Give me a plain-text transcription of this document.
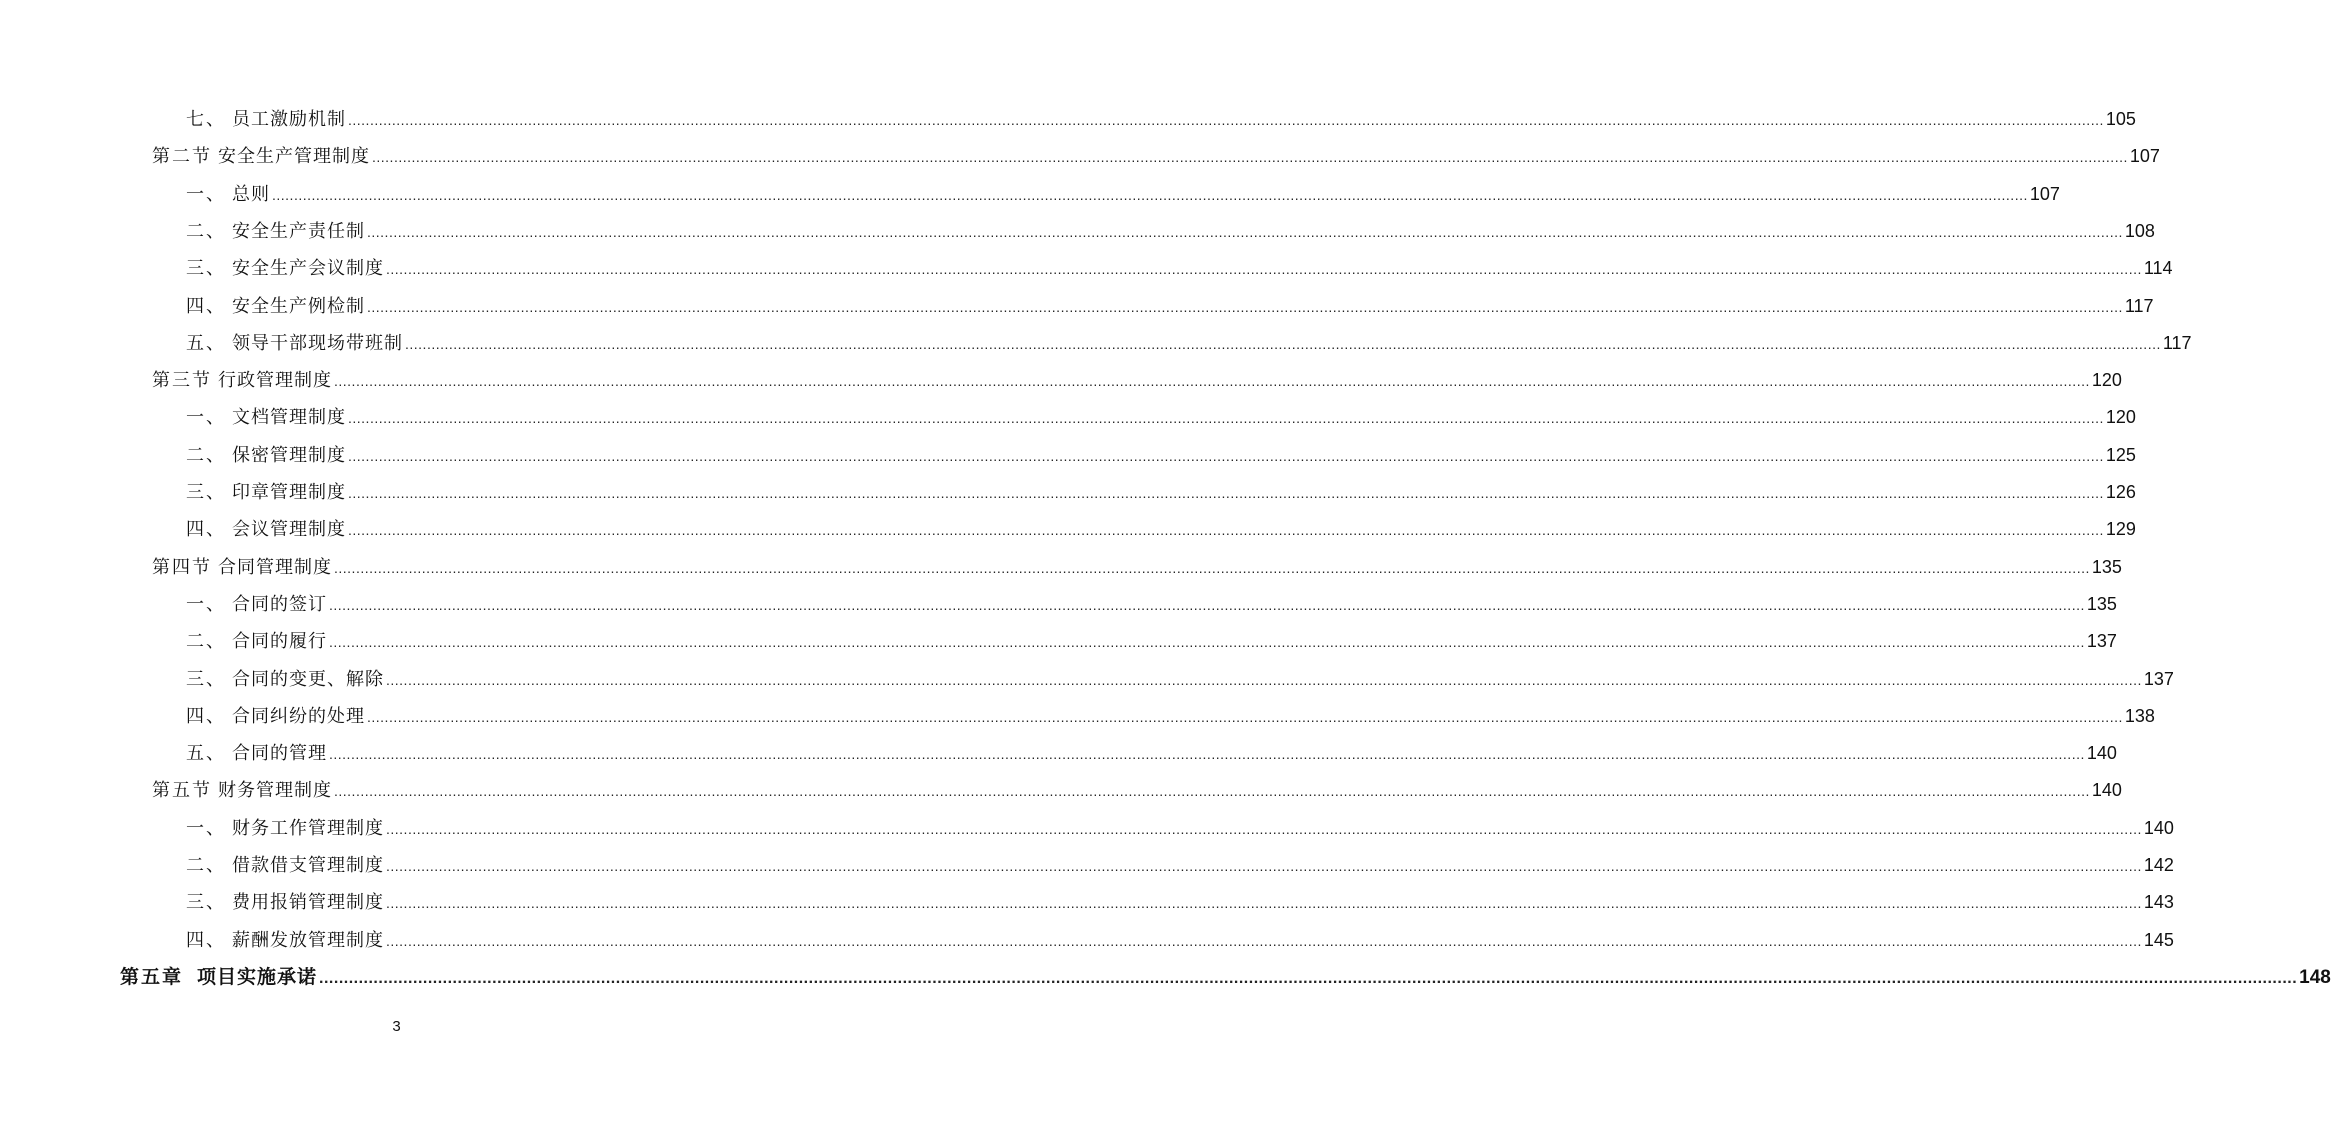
七、 员工激励机制 ................................................................................................................................................................................................................................................................................................................................................................................................................ 105
第二节 安全生产管理制度 ................................................................................................................................................................................................................................................................................................................................................................................................................ 107
一、 总则 ................................................................................................................................................................................................................................................................................................................................................................................................................ 107
二、 安全生产责任制 ................................................................................................................................................................................................................................................................................................................................................................................................................ 108
三、 安全生产会议制度 ................................................................................................................................................................................................................................................................................................................................................................................................................ 114
四、 安全生产例检制 ................................................................................................................................................................................................................................................................................................................................................................................................................ 117
五、 领导干部现场带班制 ................................................................................................................................................................................................................................................................................................................................................................................................................ 117
第三节 行政管理制度 ................................................................................................................................................................................................................................................................................................................................................................................................................ 120
一、 文档管理制度 ................................................................................................................................................................................................................................................................................................................................................................................................................ 120
二、 保密管理制度 ................................................................................................................................................................................................................................................................................................................................................................................................................ 125
三、 印章管理制度 ................................................................................................................................................................................................................................................................................................................................................................................................................ 126
四、 会议管理制度 ................................................................................................................................................................................................................................................................................................................................................................................................................ 129
第四节 合同管理制度 ................................................................................................................................................................................................................................................................................................................................................................................................................ 135
一、 合同的签订 ................................................................................................................................................................................................................................................................................................................................................................................................................ 135
二、 合同的履行 ................................................................................................................................................................................................................................................................................................................................................................................................................ 137
三、 合同的变更、解除 ................................................................................................................................................................................................................................................................................................................................................................................................................ 137
四、 合同纠纷的处理 ................................................................................................................................................................................................................................................................................................................................................................................................................ 138
五、 合同的管理 ................................................................................................................................................................................................................................................................................................................................................................................................................ 140
第五节 财务管理制度 ................................................................................................................................................................................................................................................................................................................................................................................................................ 140
一、 财务工作管理制度 ................................................................................................................................................................................................................................................................................................................................................................................................................ 140
二、 借款借支管理制度 ................................................................................................................................................................................................................................................................................................................................................................................................................ 142
三、 费用报销管理制度 ................................................................................................................................................................................................................................................................................................................................................................................................................ 143
四、 薪酬发放管理制度 ................................................................................................................................................................................................................................................................................................................................................................................................................ 145
第五章 项目实施承诺 ................................................................................................................................................................................................................................................................................................................................................................................................................ 148
3
